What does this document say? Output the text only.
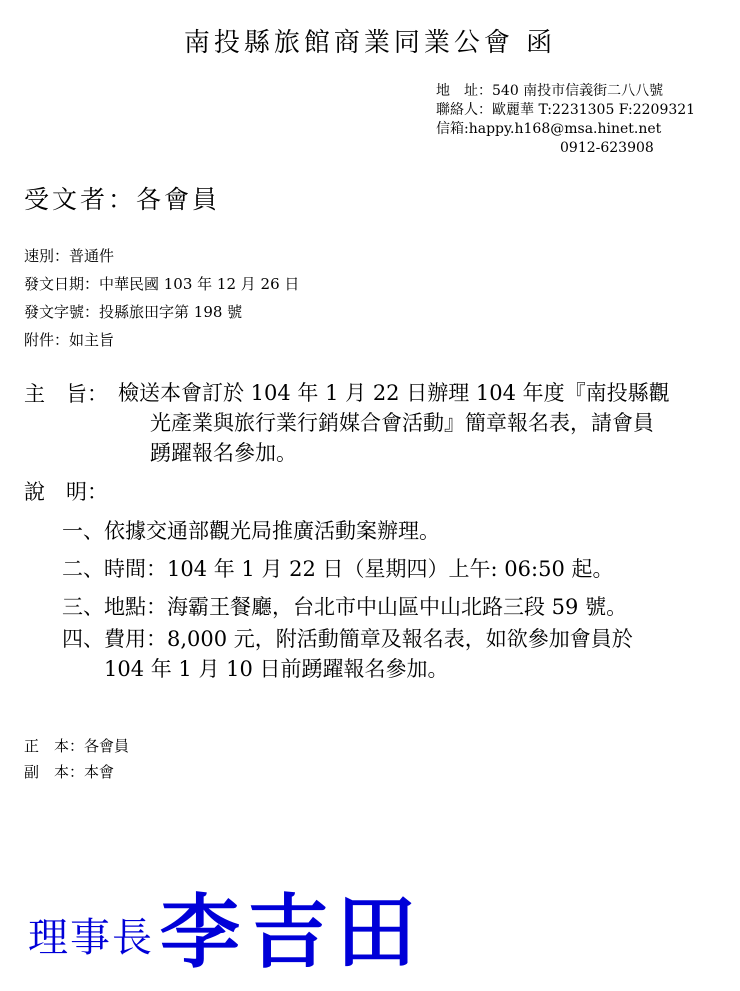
南投縣旅館商業同業公會 函
地　址：540 南投市信義街二八八號
聯絡人：歐麗華 T:2231305 F:2209321
信箱:happy.h168@msa.hinet.net
0912-623908
受文者：各會員
速別：普通件
發文日期：中華民國 103 年 12 月 26 日
發文字號：投縣旅田字第 198 號
附件：如主旨
主　旨： 檢送本會訂於 104 年 1 月 22 日辦理 104 年度『南投縣觀
光產業與旅行業行銷媒合會活動』簡章報名表，請會員
踴躍報名參加。
說　明：
一、依據交通部觀光局推廣活動案辦理。
二、時間：104 年 1 月 22 日（星期四）上午: 06:50 起。
三、地點：海霸王餐廳，台北市中山區中山北路三段 59 號。
四、費用：8,000 元，附活動簡章及報名表，如欲參加會員於
104 年 1 月 10 日前踴躍報名參加。
正　本：各會員
副　本：本會
理事長 李吉田
